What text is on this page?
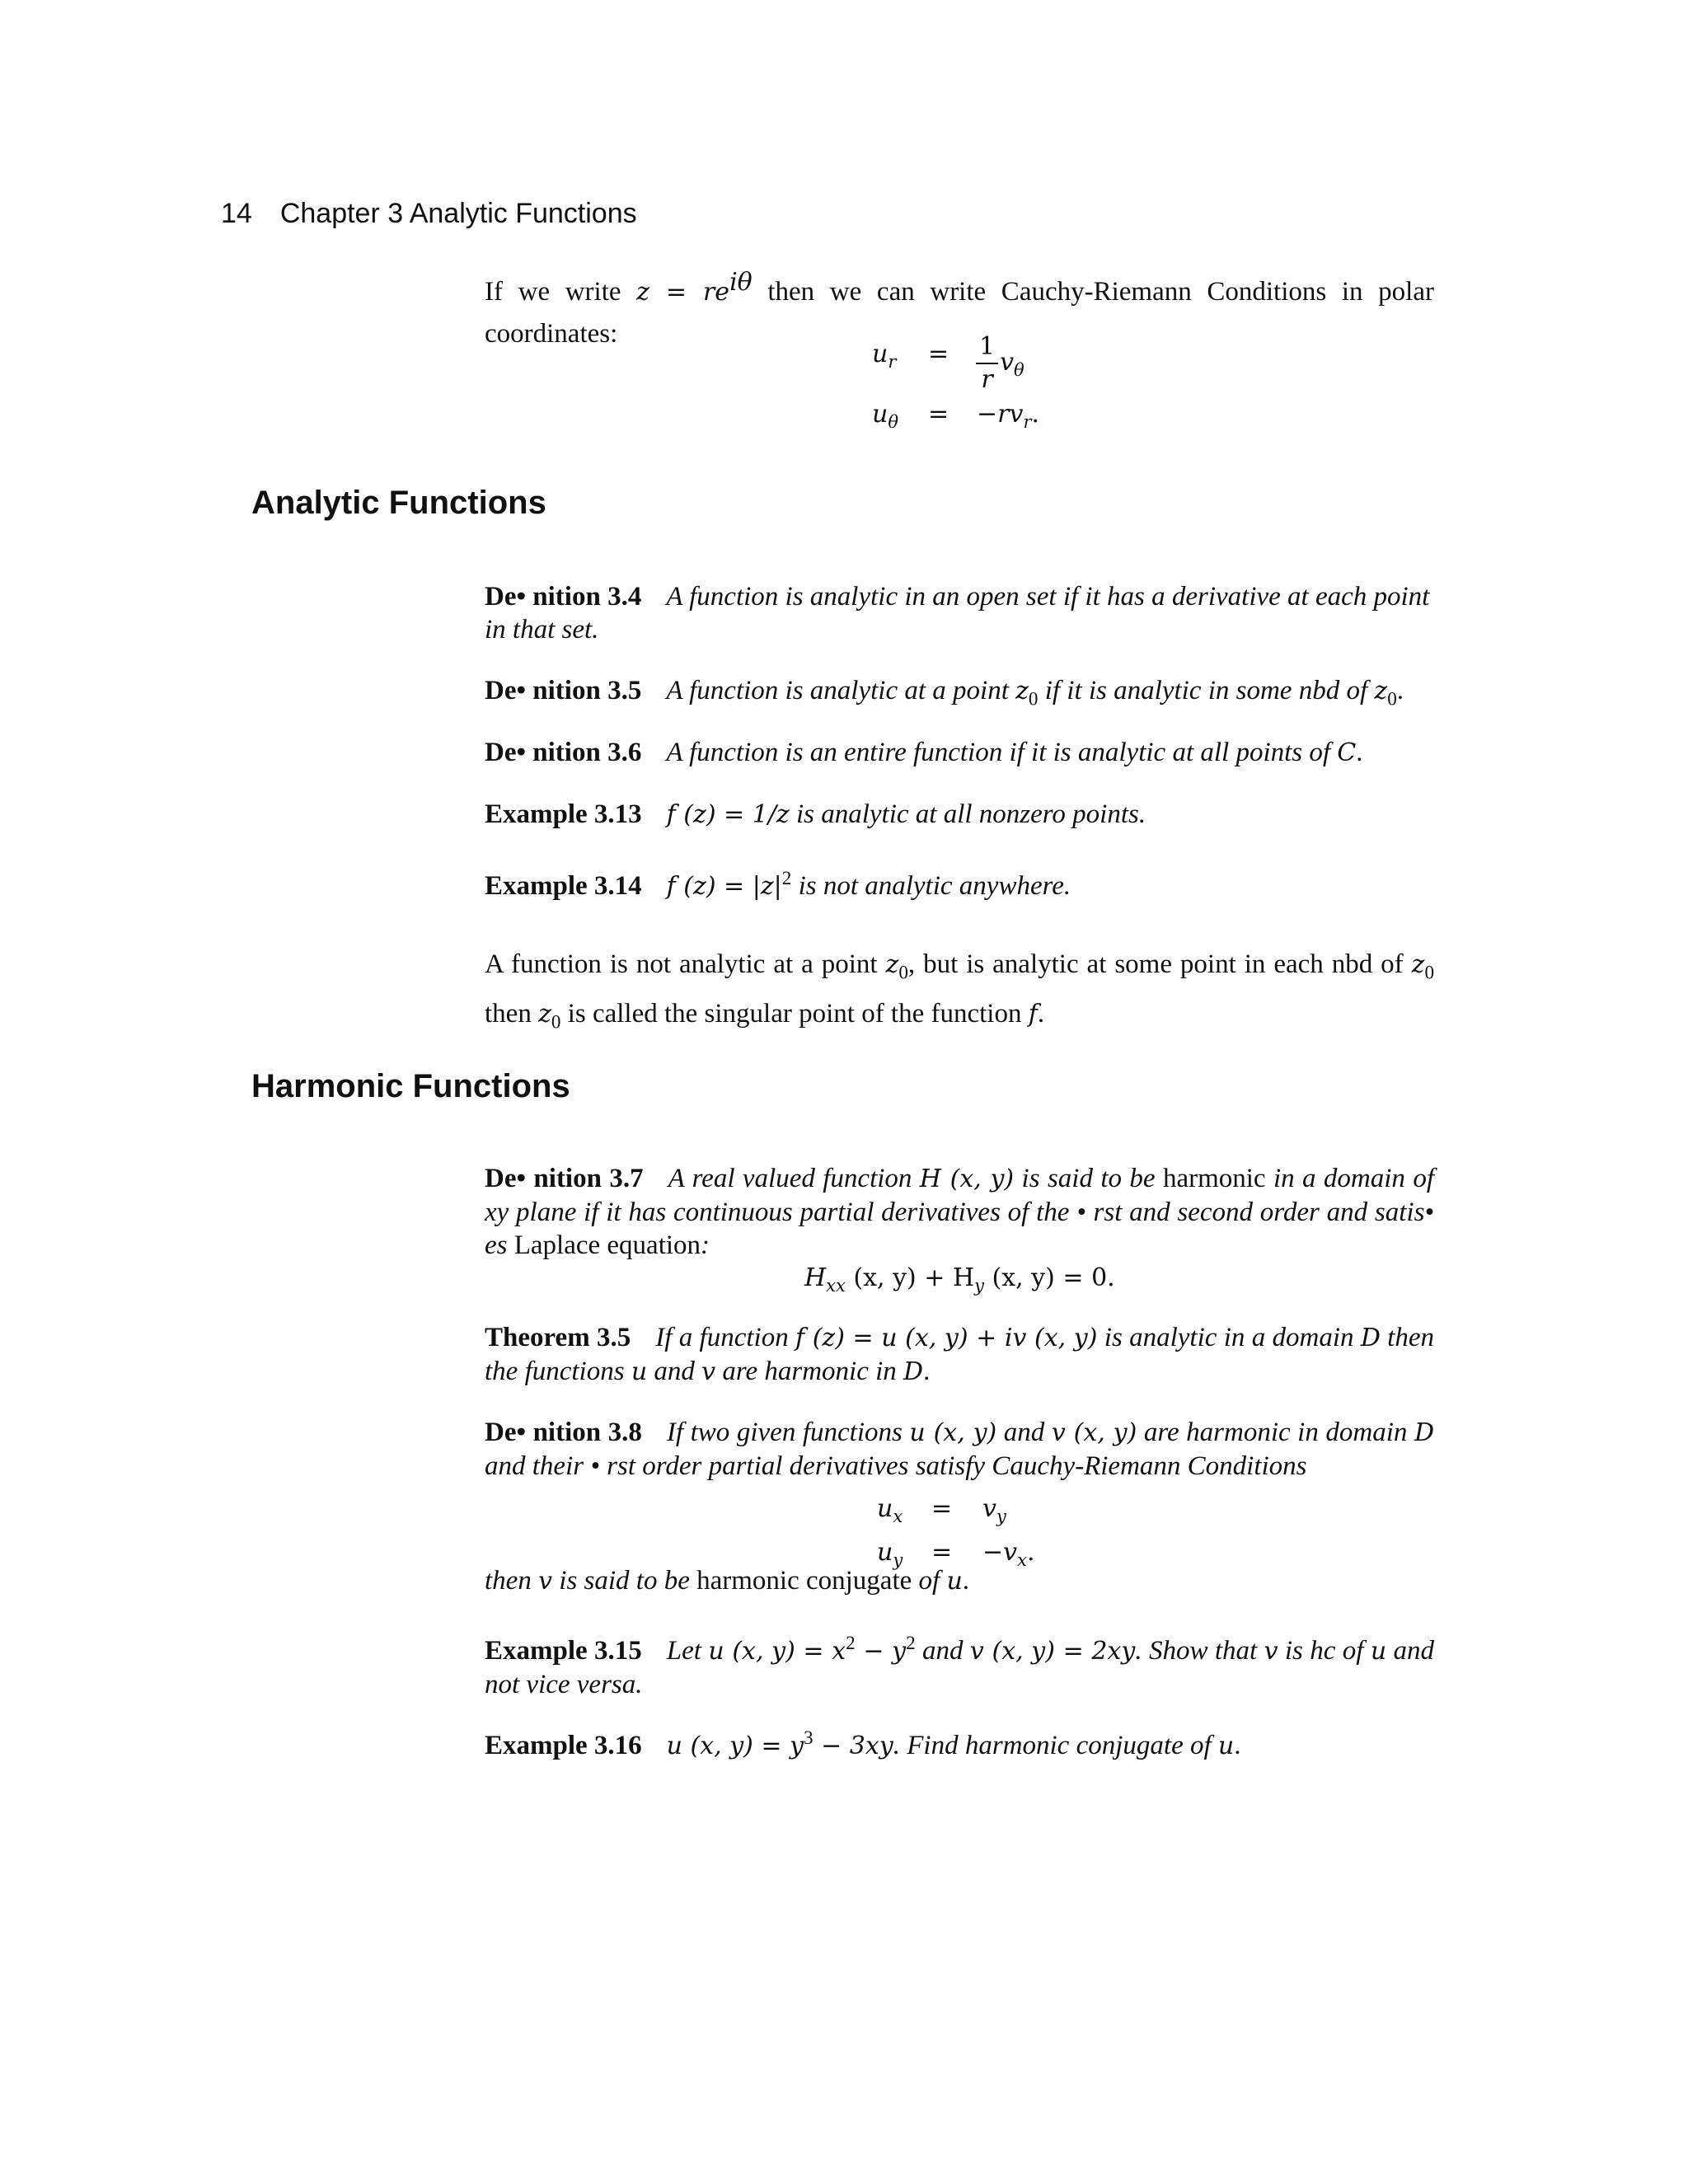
14 Chapter 3 Analytic Functions
If we write $z = re^{i\theta}$ then we can write Cauchy-Riemann Conditions in polar coordinates:
$u_r = \frac{1}{r} v_\theta$
$u_\theta = -rv_r$.
Analytic Functions
De• nition 3.4 A function is analytic in an open set if it has a derivative at each point in that set.
De• nition 3.5 A function is analytic at a point $z_0$ if it is analytic in some nbd of $z_0$.
De• nition 3.6 A function is an entire function if it is analytic at all points of C.
Example 3.13 f (z) = 1/z is analytic at all nonzero points.
Example 3.14 f $(z) = |z|^2$ is not analytic anywhere.
A function is not analytic at a point $z_0$, but is analytic at some point in each nbd of $z_0$ then $z_0$ is called the singular point of the function f.
Harmonic Functions
De• nition 3.7 A real valued function H (x, y) is said to be harmonic in a domain of xy plane if it has continuous partial derivatives of the • rst and second order and satis• es Laplace equation:
$H_{xx}$ (x, $y) + H_y$ (x, y) = 0.
Theorem 3.5 If a function f (z) = u (x, y) + iv (x, y) is analytic in a domain D then the functions u and v are harmonic in D.
De• nition 3.8 If two given functions u (x, y) and v (x, y) are harmonic in domain D and their • rst order partial derivatives satisfy Cauchy-Riemann Conditions
$u_x = v_y$
$u_y = -v_x$.
then v is said to be harmonic conjugate of u.
Example 3.15 Let u (x, $y) = x^2 - y^2$ and v (x, y) = 2xy. Show that v is hc of u and not vice versa.
Example 3.16 u (x, $y) = y^3 - 3xy$. Find harmonic conjugate of u.
